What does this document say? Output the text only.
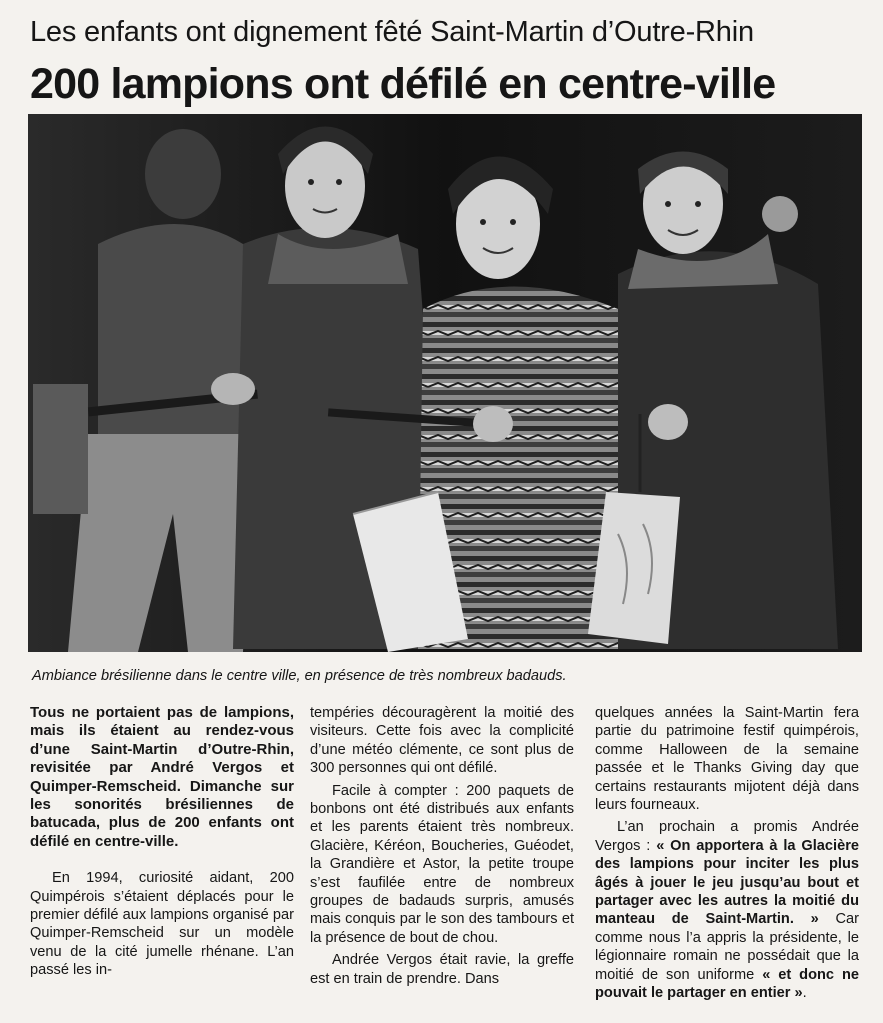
Les enfants ont dignement fêté Saint-Martin d’Outre-Rhin
200 lampions ont défilé en centre-ville
Ambiance brésilienne dans le centre ville, en présence de très nombreux badauds.

Tous ne portaient pas de lampions, mais ils étaient au rendez-vous d’une Saint-Martin d’Outre-Rhin, revisitée par André Vergos et Quimper-Remscheid. Dimanche sur les sonorités brésiliennes de batucada, plus de 200 enfants ont défilé en centre-ville.

En 1994, curiosité aidant, 200 Quimpérois s’étaient déplacés pour le premier défilé aux lampions organisé par Quimper-Remscheid sur un modèle venu de la cité jumelle rhénane. L’an passé les in-

tempéries découragèrent la moitié des visiteurs. Cette fois avec la complicité d’une météo clémente, ce sont plus de 300 personnes qui ont défilé.

Facile à compter : 200 paquets de bonbons ont été distribués aux enfants et les parents étaient très nombreux. Glacière, Kéréon, Boucheries, Guéodet, la Grandière et Astor, la petite troupe s’est faufilée entre de nombreux groupes de badauds surpris, amusés mais conquis par le son des tambours et la présence de bout de chou.

Andrée Vergos était ravie, la greffe est en train de prendre. Dans

quelques années la Saint-Martin fera partie du patrimoine festif quimpérois, comme Halloween de la semaine passée et le Thanks Giving day que certains restaurants mijotent déjà dans leurs fourneaux.

L’an prochain a promis Andrée Vergos : « On apportera à la Glacière des lampions pour inciter les plus âgés à jouer le jeu jusqu’au bout et partager avec les autres la moitié du manteau de Saint-Martin. » Car comme nous l’a appris la présidente, le légionnaire romain ne possédait que la moitié de son uniforme « et donc ne pouvait le partager en entier ».
